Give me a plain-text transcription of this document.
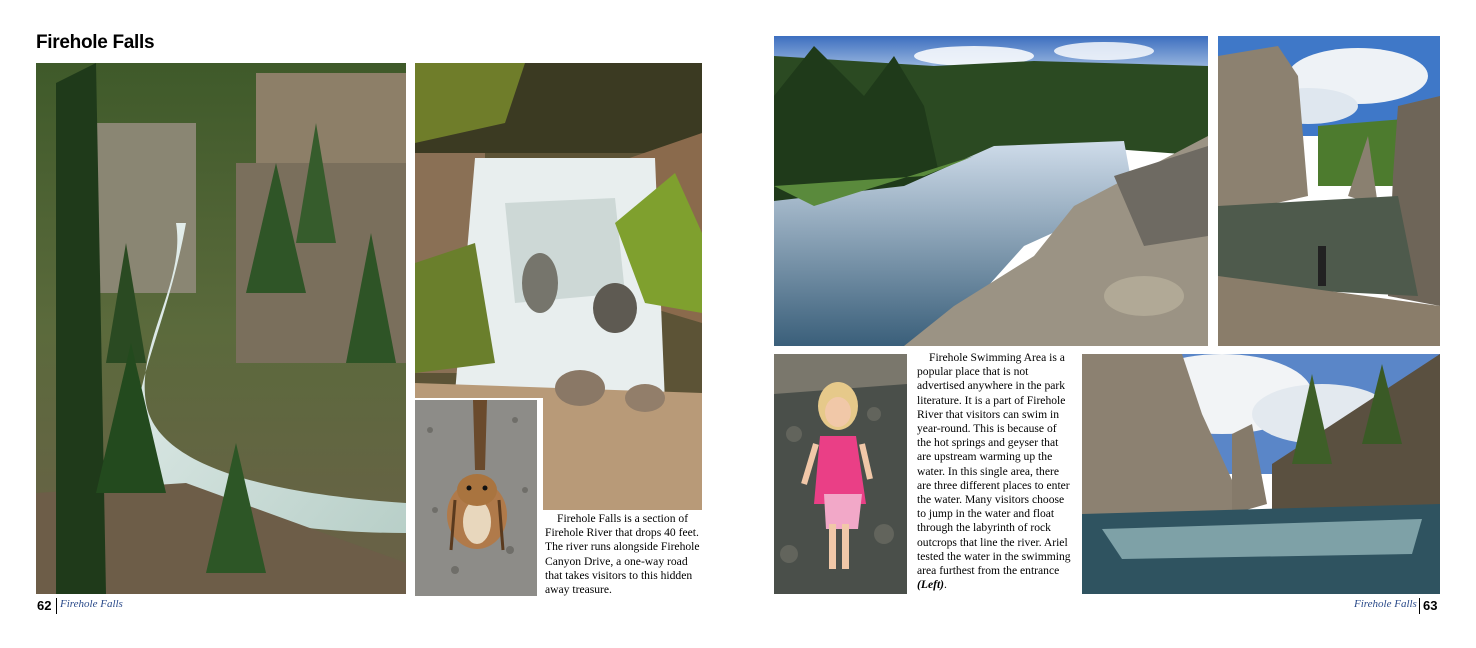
Firehole Falls

Firehole Falls is a section of Firehole River that drops 40 feet. The river runs alongside Firehole Canyon Drive, a one-way road that takes visitors to this hidden away treasure.

62 Firehole Falls

Firehole Swimming Area is a popular place that is not advertised anywhere in the park literature. It is a part of Firehole River that visitors can swim in year-round. This is because of the hot springs and geyser that are upstream warming up the water. In this single area, there are three different places to enter the water. Many visitors choose to jump in the water and float through the labyrinth of rock outcrops that line the river. Ariel tested the water in the swimming area furthest from the entrance (Left).

Firehole Falls 63
